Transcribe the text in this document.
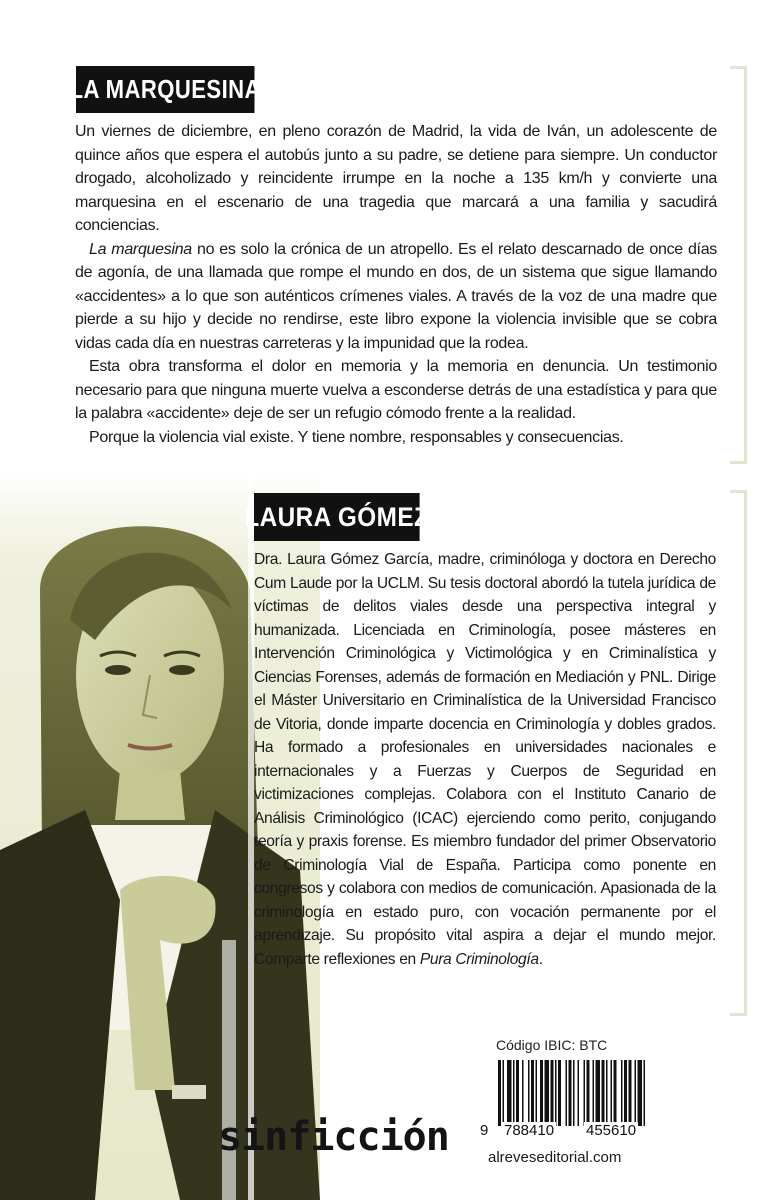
LA MARQUESINA

Un viernes de diciembre, en pleno corazón de Madrid, la vida de Iván, un adolescente de quince años que espera el autobús junto a su padre, se detiene para siempre. Un conductor drogado, alcoholizado y reincidente irrumpe en la noche a 135 km/h y convierte una marquesina en el escenario de una tragedia que marcará a una familia y sacudirá conciencias.

La marquesina no es solo la crónica de un atropello. Es el relato descarnado de once días de agonía, de una llamada que rompe el mundo en dos, de un sistema que sigue llamando «accidentes» a lo que son auténticos crímenes viales. A través de la voz de una madre que pierde a su hijo y decide no rendirse, este libro expone la violencia invisible que se cobra vidas cada día en nuestras carreteras y la impunidad que la rodea.

Esta obra transforma el dolor en memoria y la memoria en denuncia. Un testimonio necesario para que ninguna muerte vuelva a esconderse detrás de una estadística y para que la palabra «accidente» deje de ser un refugio cómodo frente a la realidad.

Porque la violencia vial existe. Y tiene nombre, responsables y consecuencias.

LAURA GÓMEZ

Dra. Laura Gómez García, madre, criminóloga y doctora en Derecho Cum Laude por la UCLM. Su tesis doctoral abordó la tutela jurídica de víctimas de delitos viales desde una perspectiva integral y humanizada. Licenciada en Criminología, posee másteres en Intervención Criminológica y Victimológica y en Criminalística y Ciencias Forenses, además de formación en Mediación y PNL. Dirige el Máster Universitario en Criminalística de la Universidad Francisco de Vitoria, donde imparte docencia en Criminología y dobles grados. Ha formado a profesionales en universidades nacionales e internacionales y a Fuerzas y Cuerpos de Seguridad en victimizaciones complejas. Colabora con el Instituto Canario de Análisis Criminológico (ICAC) ejerciendo como perito, conjugando teoría y praxis forense. Es miembro fundador del primer Observatorio de Criminología Vial de España. Participa como ponente en congresos y colabora con medios de comunicación. Apasionada de la criminología en estado puro, con vocación permanente por el aprendizaje. Su propósito vital aspira a dejar el mundo mejor. Comparte reflexiones en Pura Criminología.

Código IBIC: BTC
9 788410 455610
sinficción	alreveseditorial.com
